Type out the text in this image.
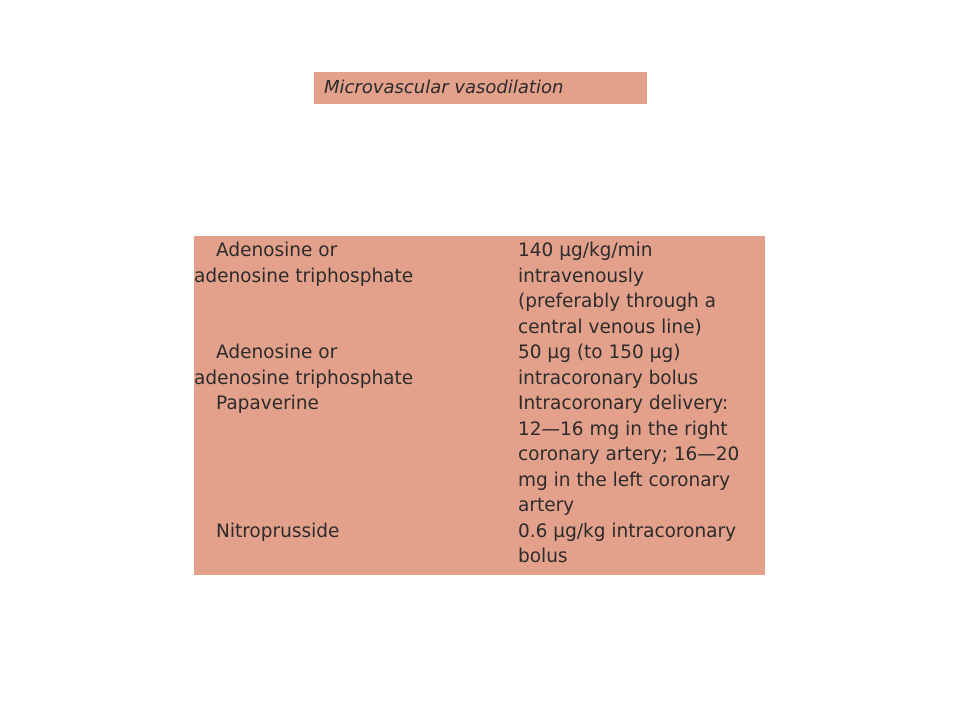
Microvascular vasodilation
Adenosine or
adenosine triphosphate
140 µg/kg/min
intravenously
(preferably through a
central venous line)
Adenosine or
adenosine triphosphate
50 µg (to 150 µg)
intracoronary bolus
Papaverine	Intracoronary delivery:
12—16 mg in the right
coronary artery; 16—20
mg in the left coronary
artery
Nitroprusside	0.6 µg/kg intracoronary
bolus
